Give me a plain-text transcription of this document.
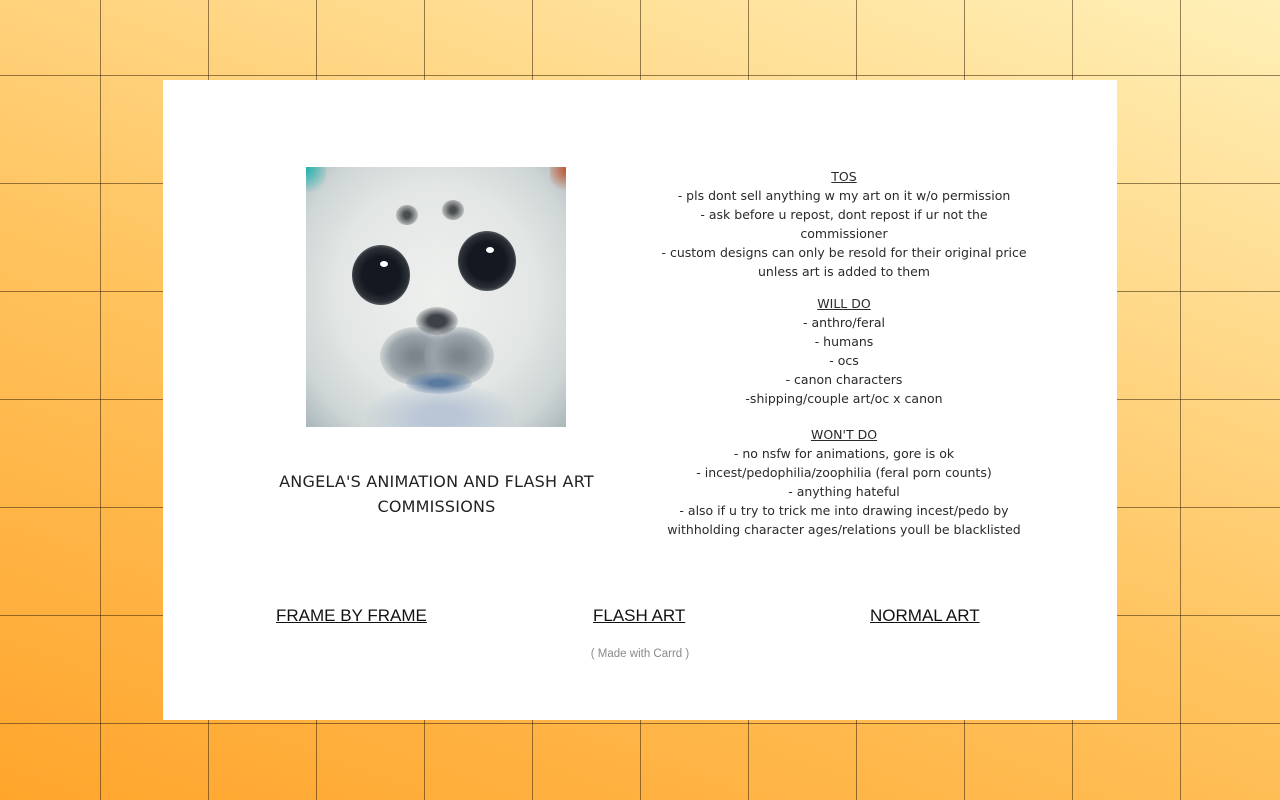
ANGELA'S ANIMATION AND FLASH ART COMMISSIONS
TOS
- pls dont sell anything w my art on it w/o permission
- ask before u repost, dont repost if ur not the commissioner
- custom designs can only be resold for their original price unless art is added to them
WILL DO
- anthro/feral
- humans
- ocs
- canon characters
-shipping/couple art/oc x canon
WON'T DO
- no nsfw for animations, gore is ok
- incest/pedophilia/zoophilia (feral porn counts)
- anything hateful
- also if u try to trick me into drawing incest/pedo by withholding character ages/relations youll be blacklisted
FRAME BY FRAME	FLASH ART	NORMAL ART
( Made with Carrd )
